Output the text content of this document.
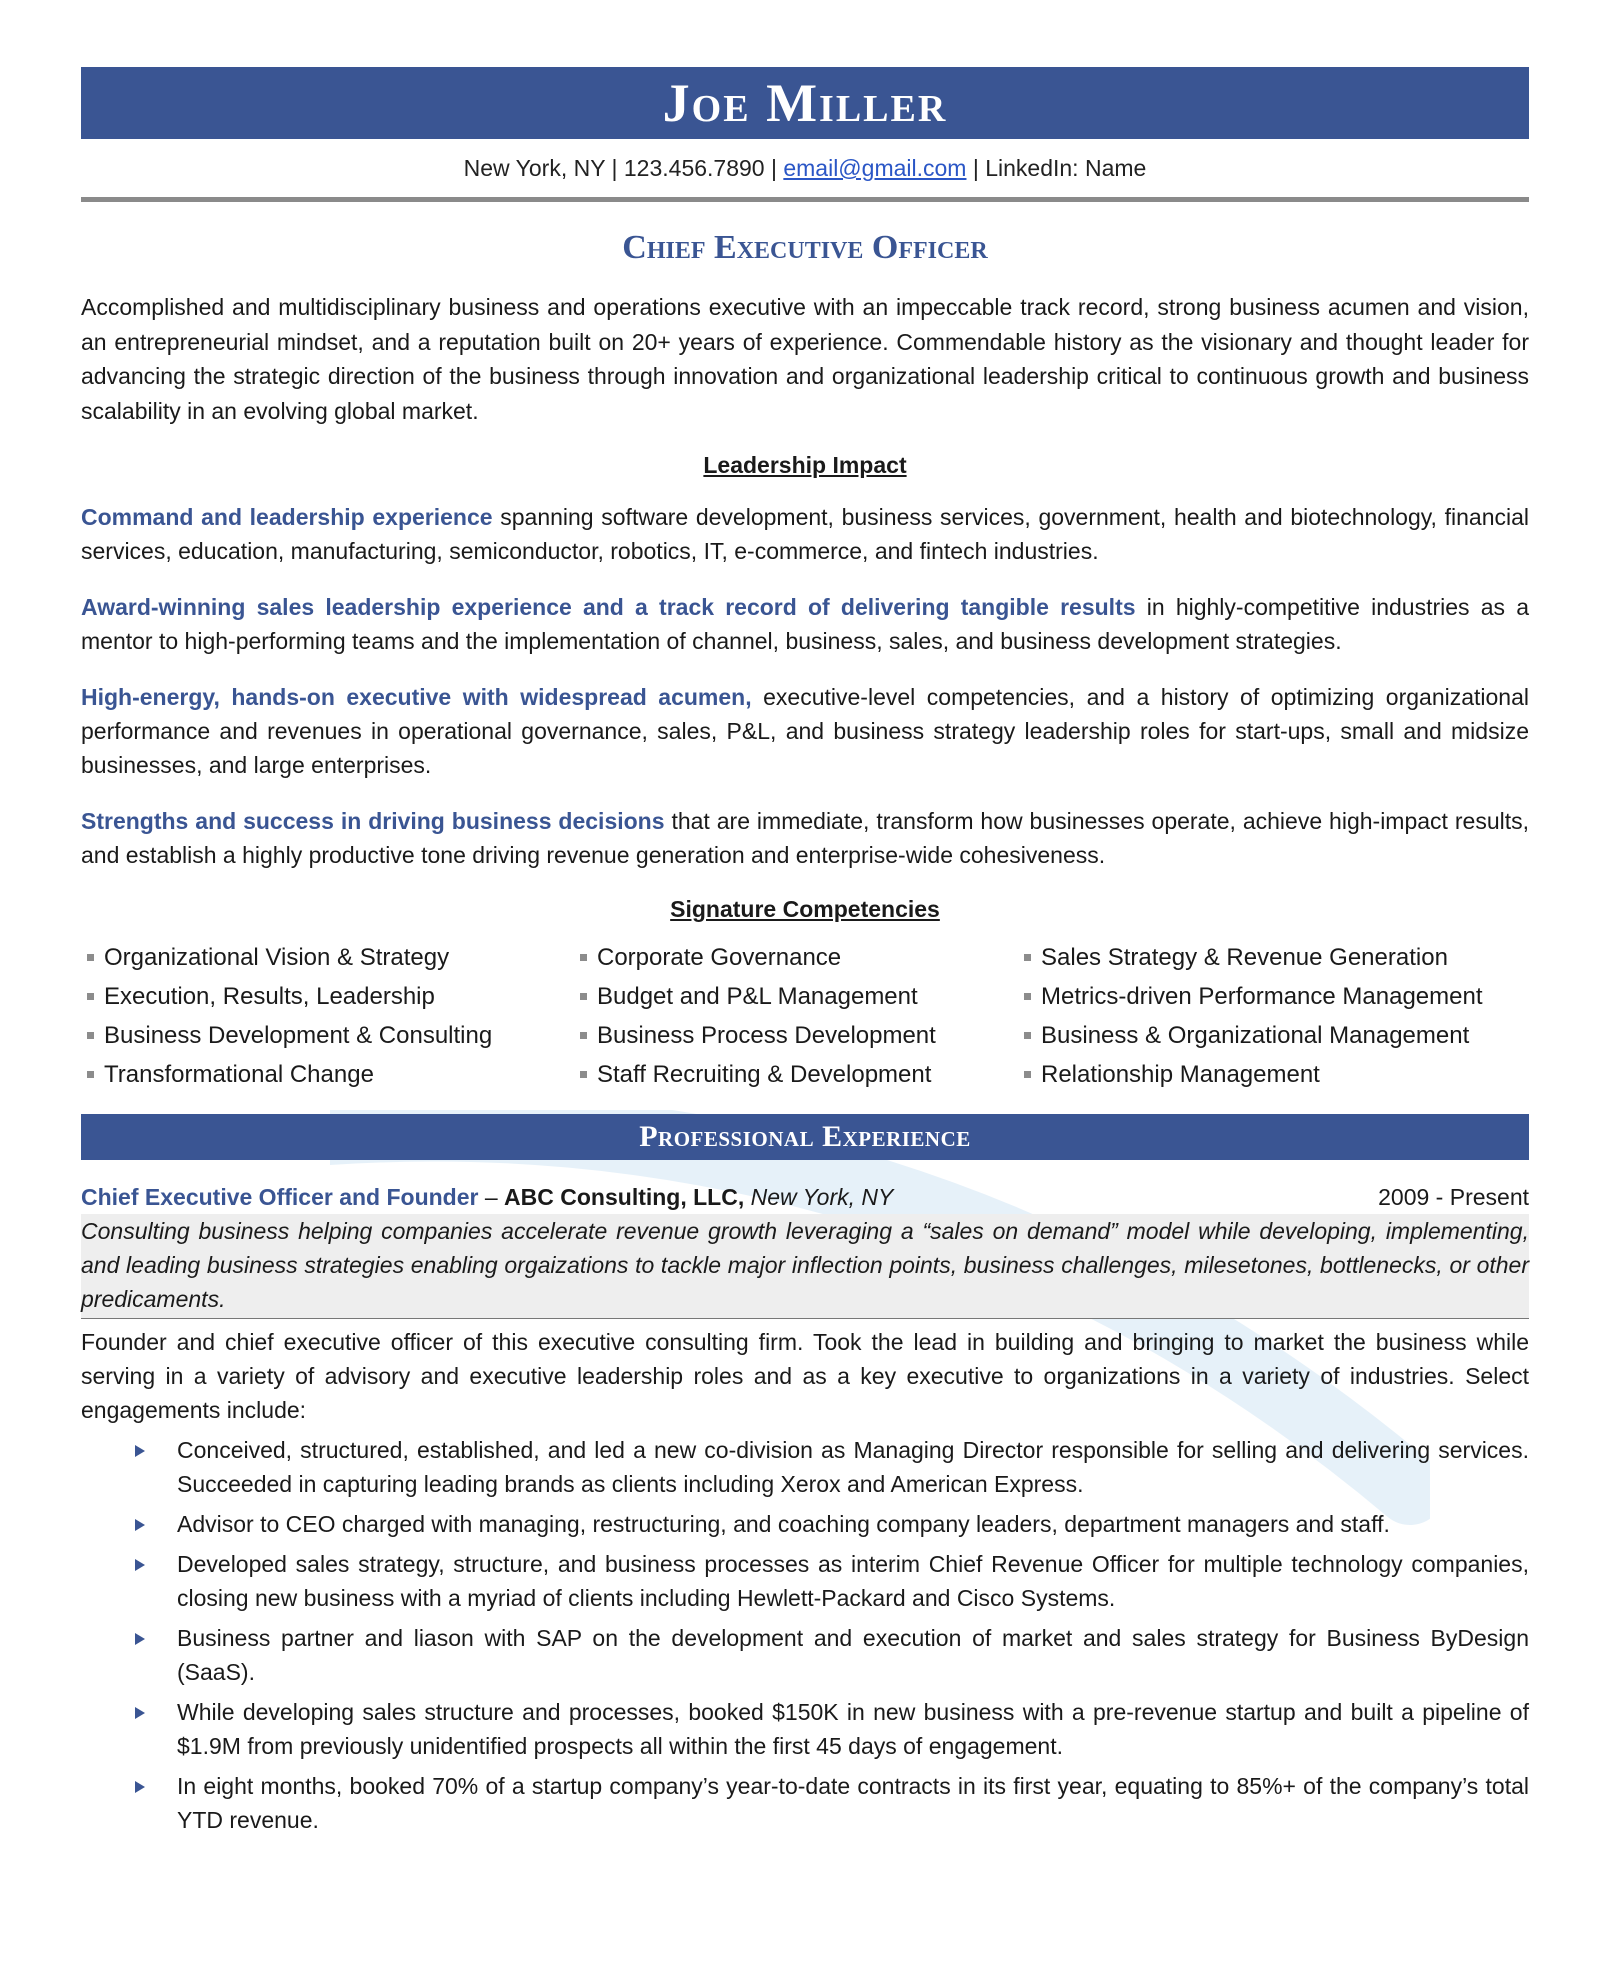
Joe Miller
New York, NY | 123.456.7890 | email@gmail.com | LinkedIn: Name
Chief Executive Officer
Accomplished and multidisciplinary business and operations executive with an impeccable track record, strong business acumen and vision, an entrepreneurial mindset, and a reputation built on 20+ years of experience. Commendable history as the visionary and thought leader for advancing the strategic direction of the business through innovation and organizational leadership critical to continuous growth and business scalability in an evolving global market.
Leadership Impact
Command and leadership experience spanning software development, business services, government, health and biotechnology, financial services, education, manufacturing, semiconductor, robotics, IT, e-commerce, and fintech industries.
Award-winning sales leadership experience and a track record of delivering tangible results in highly-competitive industries as a mentor to high-performing teams and the implementation of channel, business, sales, and business development strategies.
High-energy, hands-on executive with widespread acumen, executive-level competencies, and a history of optimizing organizational performance and revenues in operational governance, sales, P&L, and business strategy leadership roles for start-ups, small and midsize businesses, and large enterprises.
Strengths and success in driving business decisions that are immediate, transform how businesses operate, achieve high-impact results, and establish a highly productive tone driving revenue generation and enterprise-wide cohesiveness.
Signature Competencies
Organizational Vision & Strategy
Execution, Results, Leadership
Business Development & Consulting
Transformational Change
Corporate Governance
Budget and P&L Management
Business Process Development
Staff Recruiting & Development
Sales Strategy & Revenue Generation
Metrics-driven Performance Management
Business & Organizational Management
Relationship Management
Professional Experience
Chief Executive Officer and Founder – ABC Consulting, LLC, New York, NY	2009 - Present
Consulting business helping companies accelerate revenue growth leveraging a “sales on demand” model while developing, implementing, and leading business strategies enabling orgaizations to tackle major inflection points, business challenges, milesetones, bottlenecks, or other predicaments.
Founder and chief executive officer of this executive consulting firm. Took the lead in building and bringing to market the business while serving in a variety of advisory and executive leadership roles and as a key executive to organizations in a variety of industries. Select engagements include:
Conceived, structured, established, and led a new co-division as Managing Director responsible for selling and delivering services. Succeeded in capturing leading brands as clients including Xerox and American Express.
Advisor to CEO charged with managing, restructuring, and coaching company leaders, department managers and staff.
Developed sales strategy, structure, and business processes as interim Chief Revenue Officer for multiple technology companies, closing new business with a myriad of clients including Hewlett-Packard and Cisco Systems.
Business partner and liason with SAP on the development and execution of market and sales strategy for Business ByDesign (SaaS).
While developing sales structure and processes, booked $150K in new business with a pre-revenue startup and built a pipeline of $1.9M from previously unidentified prospects all within the first 45 days of engagement.
In eight months, booked 70% of a startup company’s year-to-date contracts in its first year, equating to 85%+ of the company’s total YTD revenue.
